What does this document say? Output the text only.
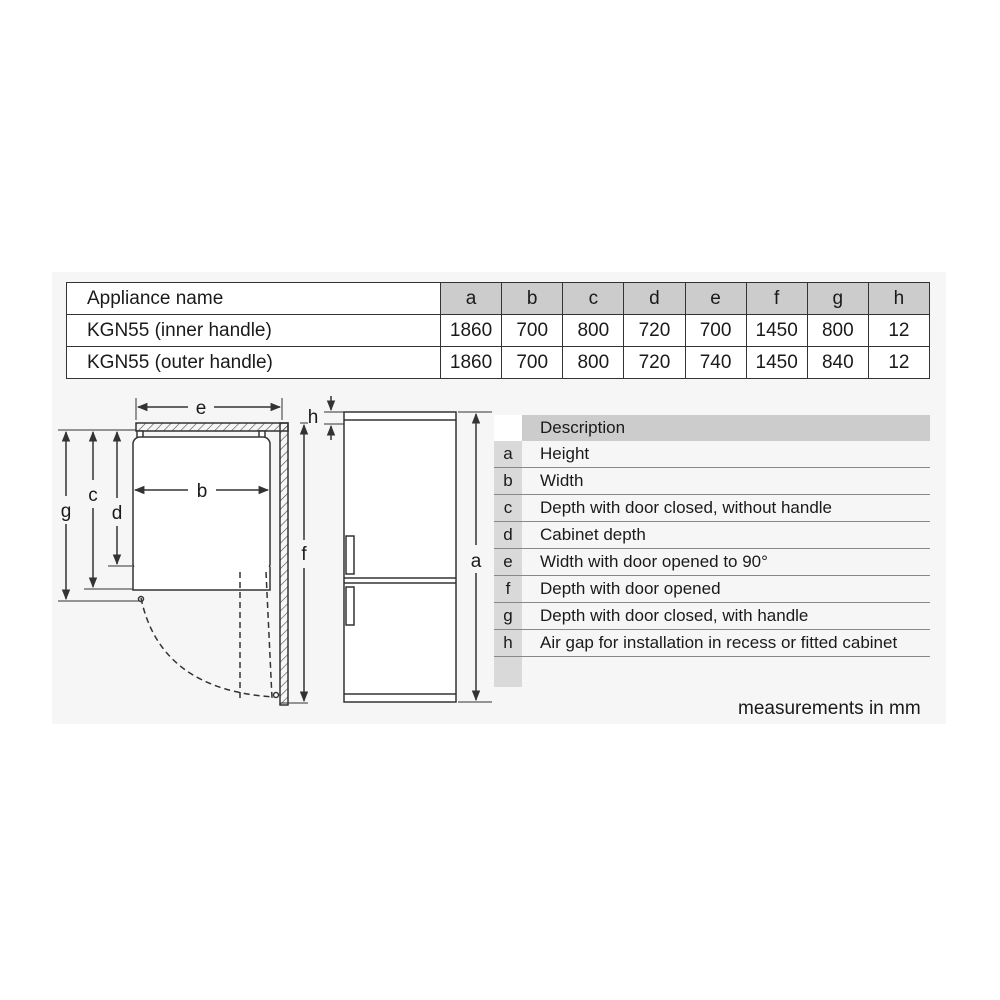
Appliance name	a	b	c	d	e	f	g	h
KGN55 (inner handle)	1860	700	800	720	700	1450	800	12
KGN55 (outer handle)	1860	700	800	720	740	1450	840	12
e
b
g
c
d
f
h
a
Description
a	Height
b	Width
c	Depth with door closed, without handle
d	Cabinet depth
e	Width with door opened to 90°
f	Depth with door opened
g	Depth with door closed, with handle
h	Air gap for installation in recess or fitted cabinet
measurements in mm
